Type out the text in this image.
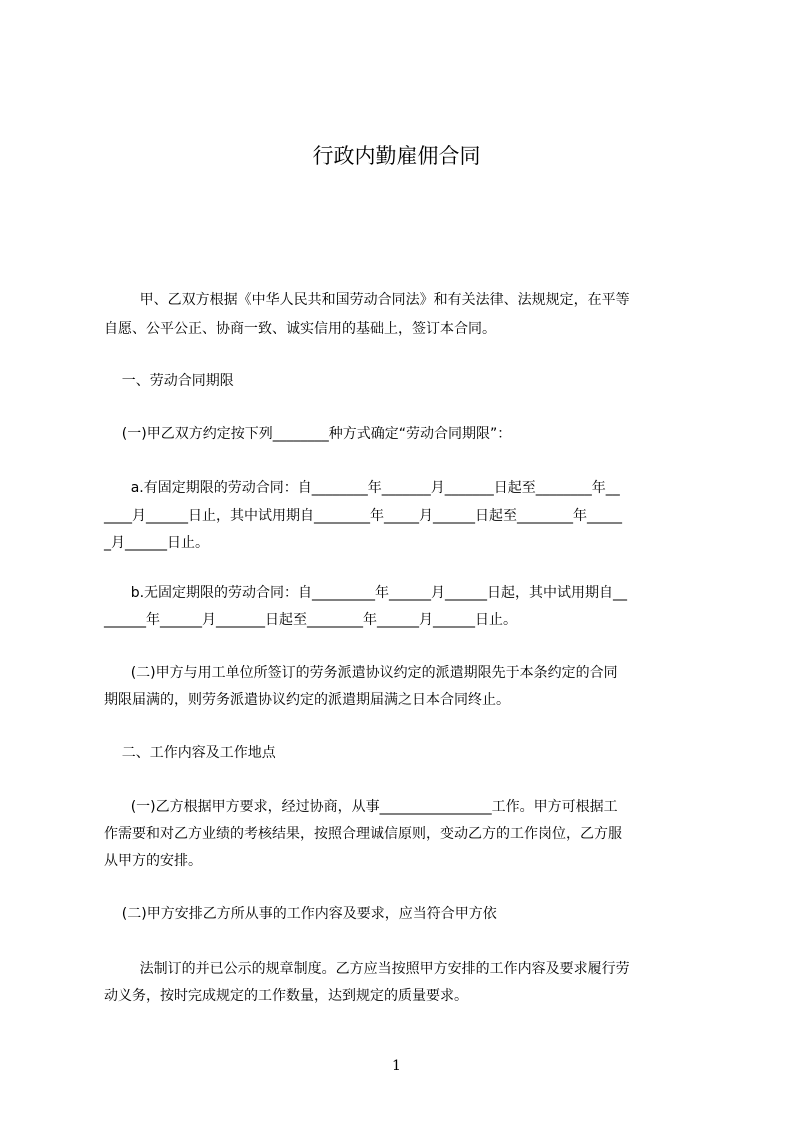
行政内勤雇佣合同
甲、乙双方根据《中华人民共和国劳动合同法》和有关法律、法规规定，在平等
自愿、公平公正、协商一致、诚实信用的基础上，签订本合同。
一、劳动合同期限
(一)甲乙双方约定按下列________种方式确定“劳动合同期限”：
a.有固定期限的劳动合同：自________年_______月_______日起至________年__
____月______日止，其中试用期自________年_____月______日起至________年_____
_月______日止。
b.无固定期限的劳动合同：自_________年______月______日起，其中试用期自__
______年______月_______日起至________年______月______日止。
(二)甲方与用工单位所签订的劳务派遣协议约定的派遣期限先于本条约定的合同
期限届满的，则劳务派遣协议约定的派遣期届满之日本合同终止。
二、工作内容及工作地点
(一)乙方根据甲方要求，经过协商，从事________________工作。甲方可根据工
作需要和对乙方业绩的考核结果，按照合理诚信原则，变动乙方的工作岗位，乙方服
从甲方的安排。
(二)甲方安排乙方所从事的工作内容及要求，应当符合甲方依
法制订的并已公示的规章制度。乙方应当按照甲方安排的工作内容及要求履行劳
动义务，按时完成规定的工作数量，达到规定的质量要求。
1
